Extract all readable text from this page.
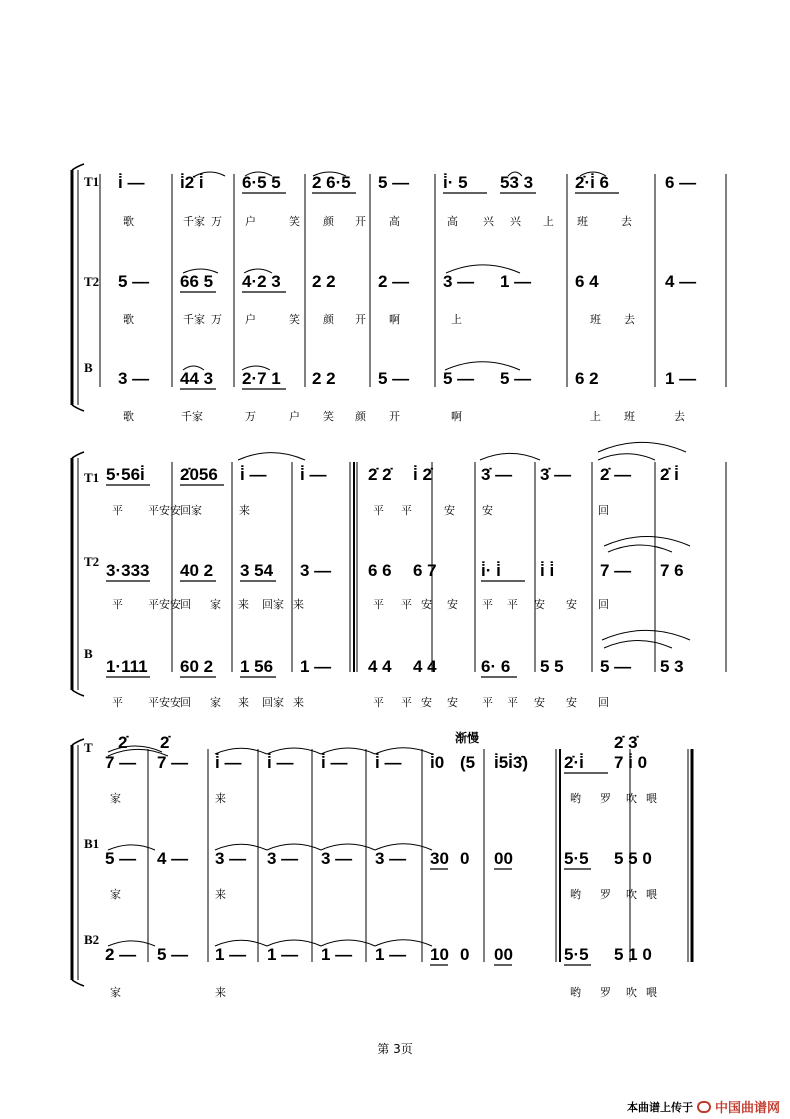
T1 i̇ — i̇2̇ i̇ 6·5 5 2 6·5 5 — i̇· 5 53 3 2̇·i̇ 6	6 —
歌	千家 万 户	笑 颜 开 高	高 兴 兴 上 班	去
T2 5 — 66 5 4·2 3 2 2 2 — 3 — 1 —	6 4	4 —
歌	千家 万 户	笑 颜 开 啊	上	班 去
B
3 — 44 3 2·7 1 2 2 5 — 5 — 5 —	6 2	1 —
歌	千家	万	户 笑 颜 开	啊	上 班	去
T1 5·56i̇ 2̇056 i̇ — i̇ — 2̇ 2̇ i̇ 2̇	3̇ — 3̇ — 2̇ — 2̇ i̇
平 平安安 回家	来	平 平	安 安	回
T2 3·333 40 2 3 54 3 — 6 6 6 7	i̇· i̇ i̇ i̇	7 — 7 6
平 平安安 回 家 来 回家 来	平 平 安 安 平 平 安 安 回
B
1·111 60 2 1 56 1 — 4 4 4 4	6· 6 5 5 5 — 5 3
平 平安安 回 家 来 回家 来	平 平 安 安 平 平 安 安 回
渐慢
T
7 — 7 — i̇ — i̇ — i̇ — i̇ — i̇0 (5 i̇5i̇3̇) 2̇·i̇ 7 i̇ 0
2̇ 2̇	2̇ 3̇
家	来	哟 罗 吹 喂
B1
5 — 4 — 3 — 3 — 3 — 3 — 30 0 00	5·5 5 5 0
家	来	哟 罗 吹 喂
B2
2 — 5 — 1 — 1 — 1 — 1 — 10 0 00	5·5 5 1 0
家	来	哟 罗 吹 喂
第 3页
本曲谱上传于 中国曲谱网
